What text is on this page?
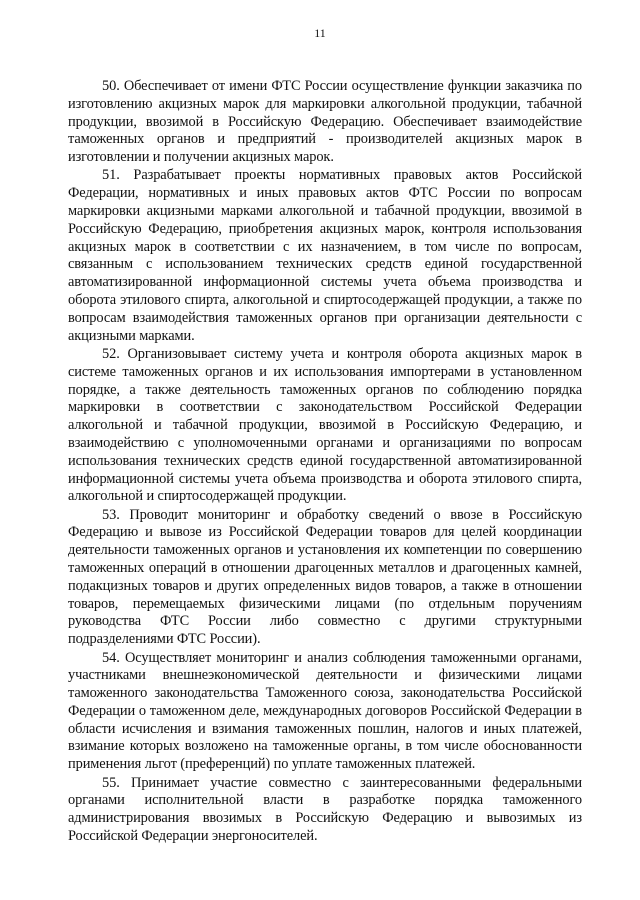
11

50. Обеспечивает от имени ФТС России осуществление функции заказчика по изготовлению акцизных марок для маркировки алкогольной продукции, табачной продукции, ввозимой в Российскую Федерацию. Обеспечивает взаимодействие таможенных органов и предприятий - производителей акцизных марок в изготовлении и получении акцизных марок.

51. Разрабатывает проекты нормативных правовых актов Российской Федерации, нормативных и иных правовых актов ФТС России по вопросам маркировки акцизными марками алкогольной и табачной продукции, ввозимой в Российскую Федерацию, приобретения акцизных марок, контроля использования акцизных марок в соответствии с их назначением, в том числе по вопросам, связанным с использованием технических средств единой государственной автоматизированной информационной системы учета объема производства и оборота этилового спирта, алкогольной и спиртосодержащей продукции, а также по вопросам взаимодействия таможенных органов при организации деятельности с акцизными марками.

52. Организовывает систему учета и контроля оборота акцизных марок в системе таможенных органов и их использования импортерами в установленном порядке, а также деятельность таможенных органов по соблюдению порядка маркировки в соответствии с законодательством Российской Федерации алкогольной и табачной продукции, ввозимой в Российскую Федерацию, и взаимодействию с уполномоченными органами и организациями по вопросам использования технических средств единой государственной автоматизированной информационной системы учета объема производства и оборота этилового спирта, алкогольной и спиртосодержащей продукции.

53. Проводит мониторинг и обработку сведений о ввозе в Российскую Федерацию и вывозе из Российской Федерации товаров для целей координации деятельности таможенных органов и установления их компетенции по совершению таможенных операций в отношении драгоценных металлов и драгоценных камней, подакцизных товаров и других определенных видов товаров, а также в отношении товаров, перемещаемых физическими лицами (по отдельным поручениям руководства ФТС России либо совместно с другими структурными подразделениями ФТС России).

54. Осуществляет мониторинг и анализ соблюдения таможенными органами, участниками внешнеэкономической деятельности и физическими лицами таможенного законодательства Таможенного союза, законодательства Российской Федерации о таможенном деле, международных договоров Российской Федерации в области исчисления и взимания таможенных пошлин, налогов и иных платежей, взимание которых возложено на таможенные органы, в том числе обоснованности применения льгот (преференций) по уплате таможенных платежей.

55. Принимает участие совместно с заинтересованными федеральными органами исполнительной власти в разработке порядка таможенного администрирования ввозимых в Российскую Федерацию и вывозимых из Российской Федерации энергоносителей.
